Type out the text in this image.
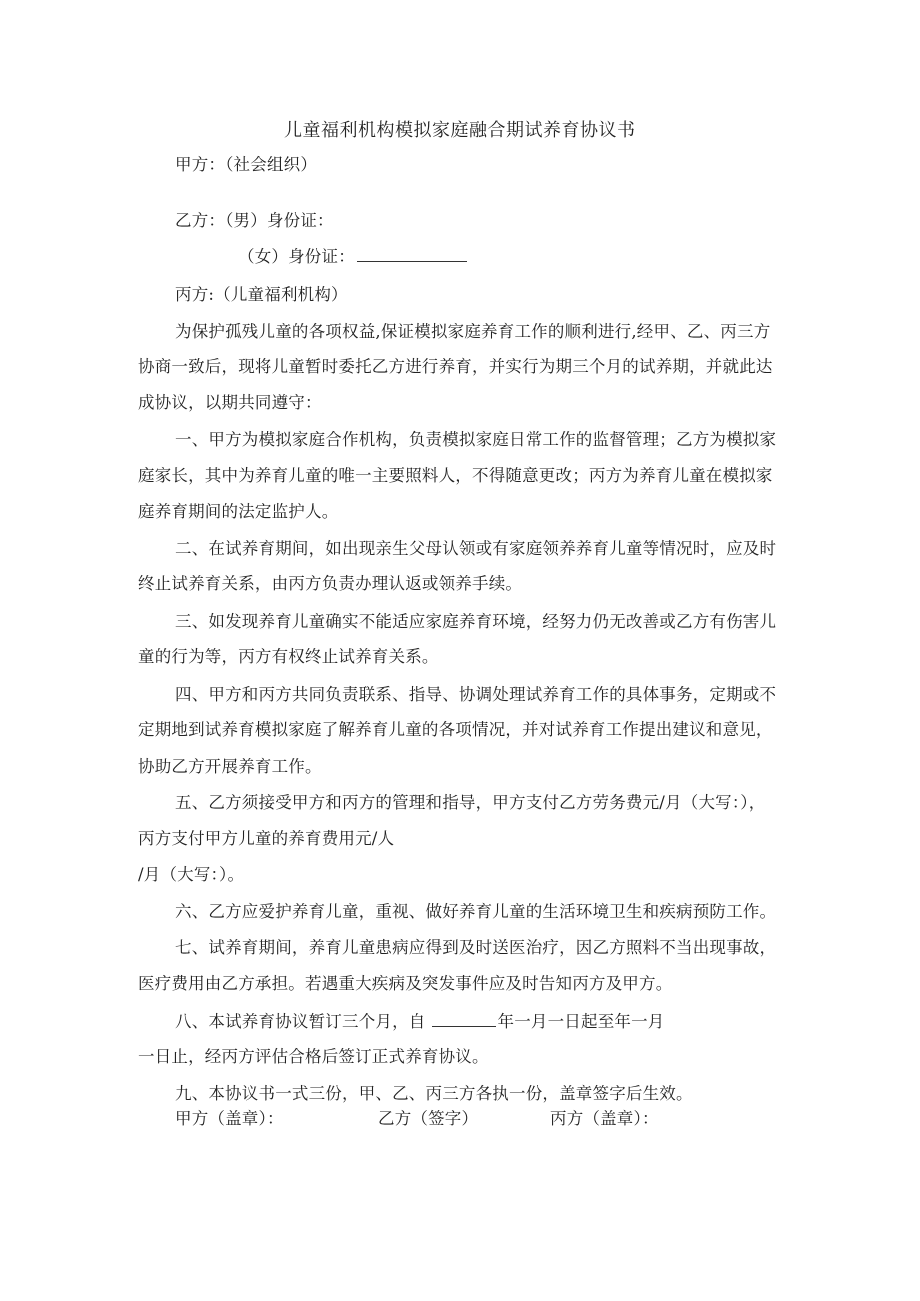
儿童福利机构模拟家庭融合期试养育协议书

甲方：（社会组织）

乙方：（男）身份证：

（女）身份证：

丙方:（儿童福利机构）

为保护孤残儿童的各项权益,保证模拟家庭养育工作的顺利进行,经甲、乙、丙三方

协商一致后，现将儿童暂时委托乙方进行养育，并实行为期三个月的试养期，并就此达

成协议，以期共同遵守：

一、甲方为模拟家庭合作机构，负责模拟家庭日常工作的监督管理；乙方为模拟家

庭家长，其中为养育儿童的唯一主要照料人，不得随意更改；丙方为养育儿童在模拟家

庭养育期间的法定监护人。

二、在试养育期间，如出现亲生父母认领或有家庭领养养育儿童等情况时，应及时

终止试养育关系，由丙方负责办理认返或领养手续。

三、如发现养育儿童确实不能适应家庭养育环境，经努力仍无改善或乙方有伤害儿

童的行为等，丙方有权终止试养育关系。

四、甲方和丙方共同负责联系、指导、协调处理试养育工作的具体事务，定期或不

定期地到试养育模拟家庭了解养育儿童的各项情况，并对试养育工作提出建议和意见，

协助乙方开展养育工作。

五、乙方须接受甲方和丙方的管理和指导，甲方支付乙方劳务费元/月（大写：），

丙方支付甲方儿童的养育费用元/人

/月（大写：）。

六、乙方应爱护养育儿童，重视、做好养育儿童的生活环境卫生和疾病预防工作。

七、试养育期间，养育儿童患病应得到及时送医治疗，因乙方照料不当出现事故，

医疗费用由乙方承担。若遇重大疾病及突发事件应及时告知丙方及甲方。

八、本试养育协议暂订三个月，自	年一月一日起至年一月

一日止，经丙方评估合格后签订正式养育协议。

九、本协议书一式三份，甲、乙、丙三方各执一份，盖章签字后生效。

甲方（盖章）：	乙方（签字）	丙方（盖章）：
